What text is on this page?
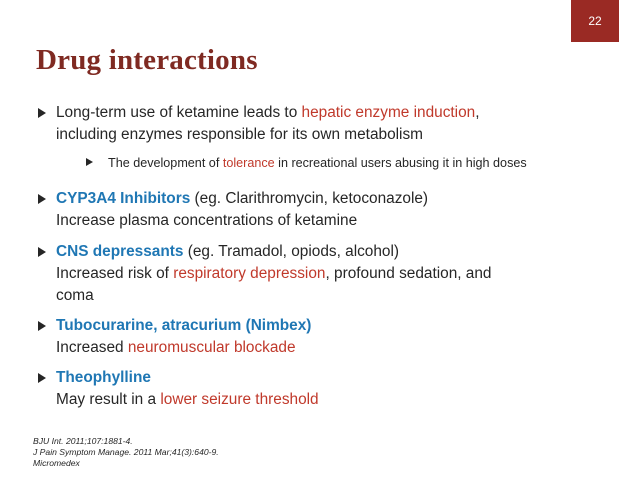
22
Drug interactions
Long-term use of ketamine leads to hepatic enzyme induction,
including enzymes responsible for its own metabolism
The development of tolerance in recreational users abusing it in high doses
CYP3A4 Inhibitors (eg. Clarithromycin, ketoconazole)
Increase plasma concentrations of ketamine
CNS depressants (eg. Tramadol, opiods, alcohol)
Increased risk of respiratory depression, profound sedation, and
coma
Tubocurarine, atracurium (Nimbex)
Increased neuromuscular blockade
Theophylline
May result in a lower seizure threshold
BJU Int. 2011;107:1881-4.
J Pain Symptom Manage. 2011 Mar;41(3):640-9.
Micromedex
